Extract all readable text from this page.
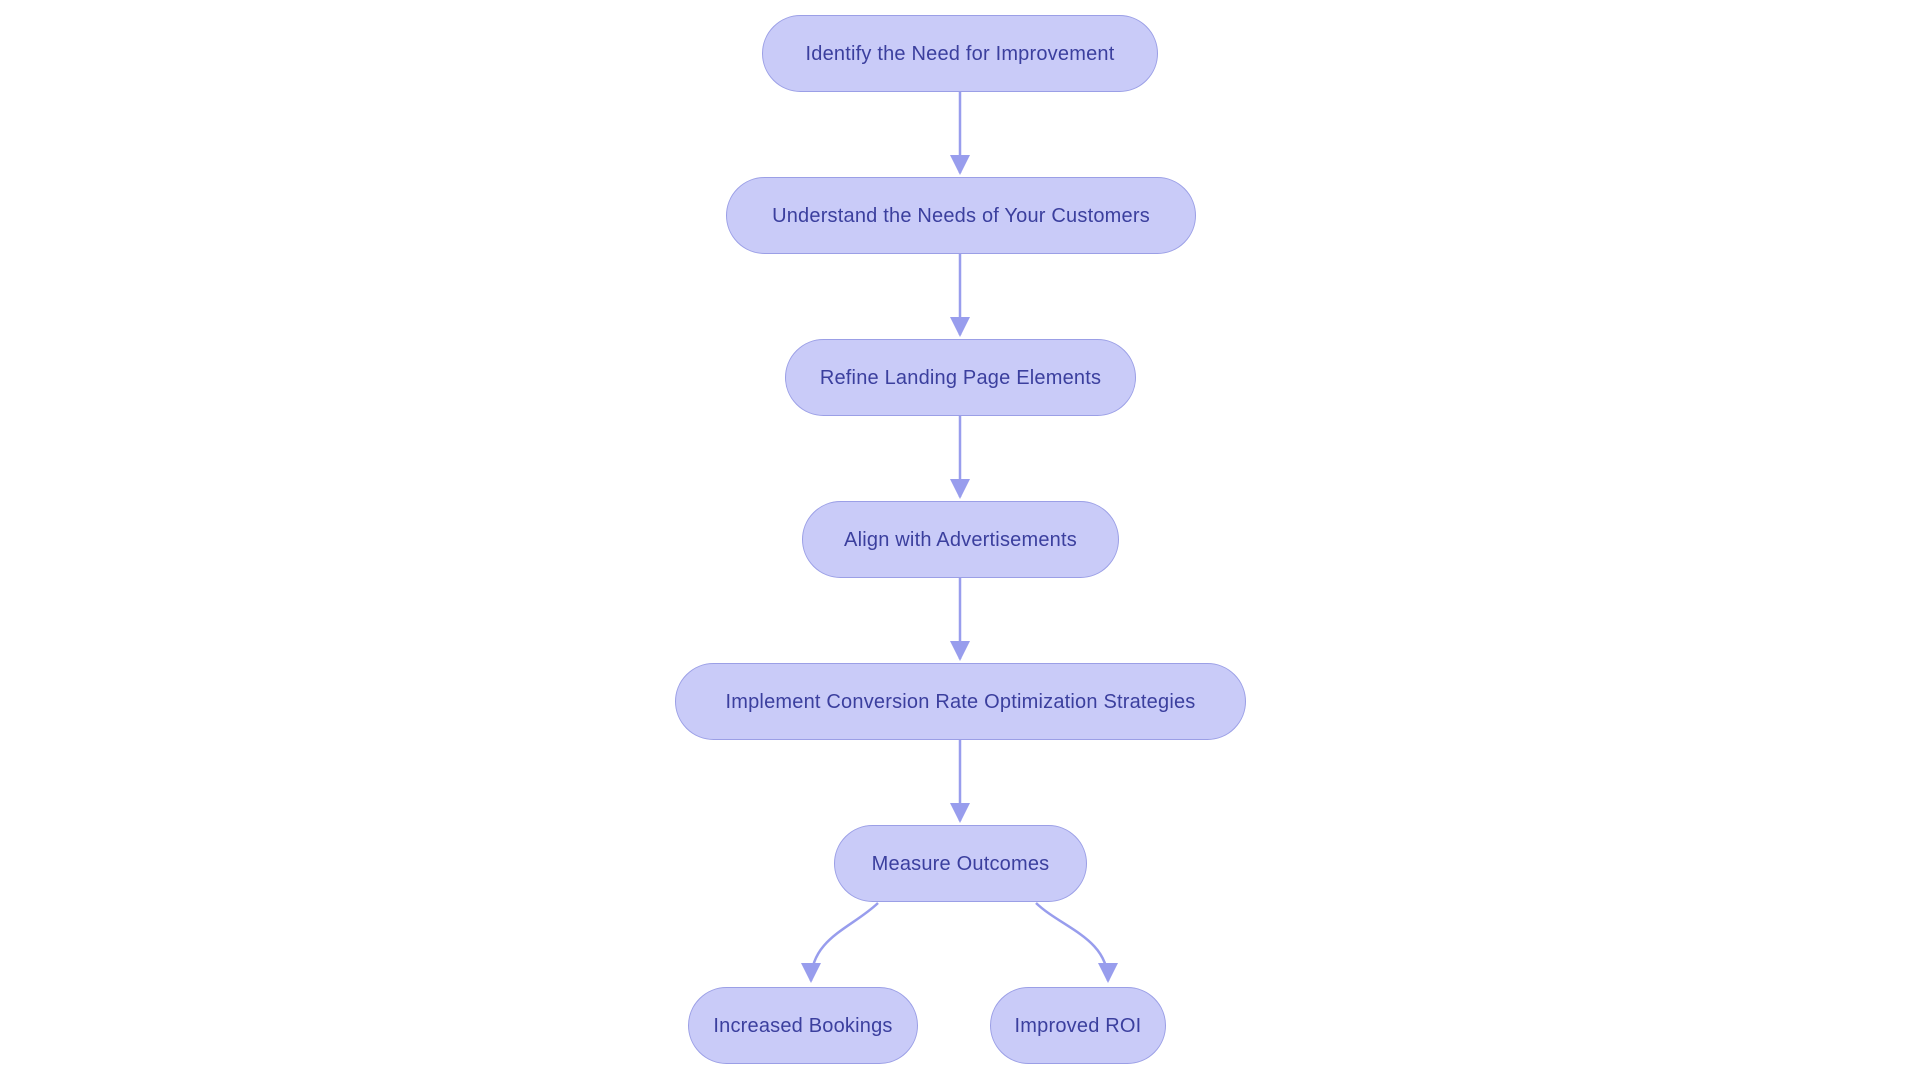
Identify the Need for Improvement
Understand the Needs of Your Customers
Refine Landing Page Elements
Align with Advertisements
Implement Conversion Rate Optimization Strategies
Measure Outcomes
Increased Bookings	Improved ROI
